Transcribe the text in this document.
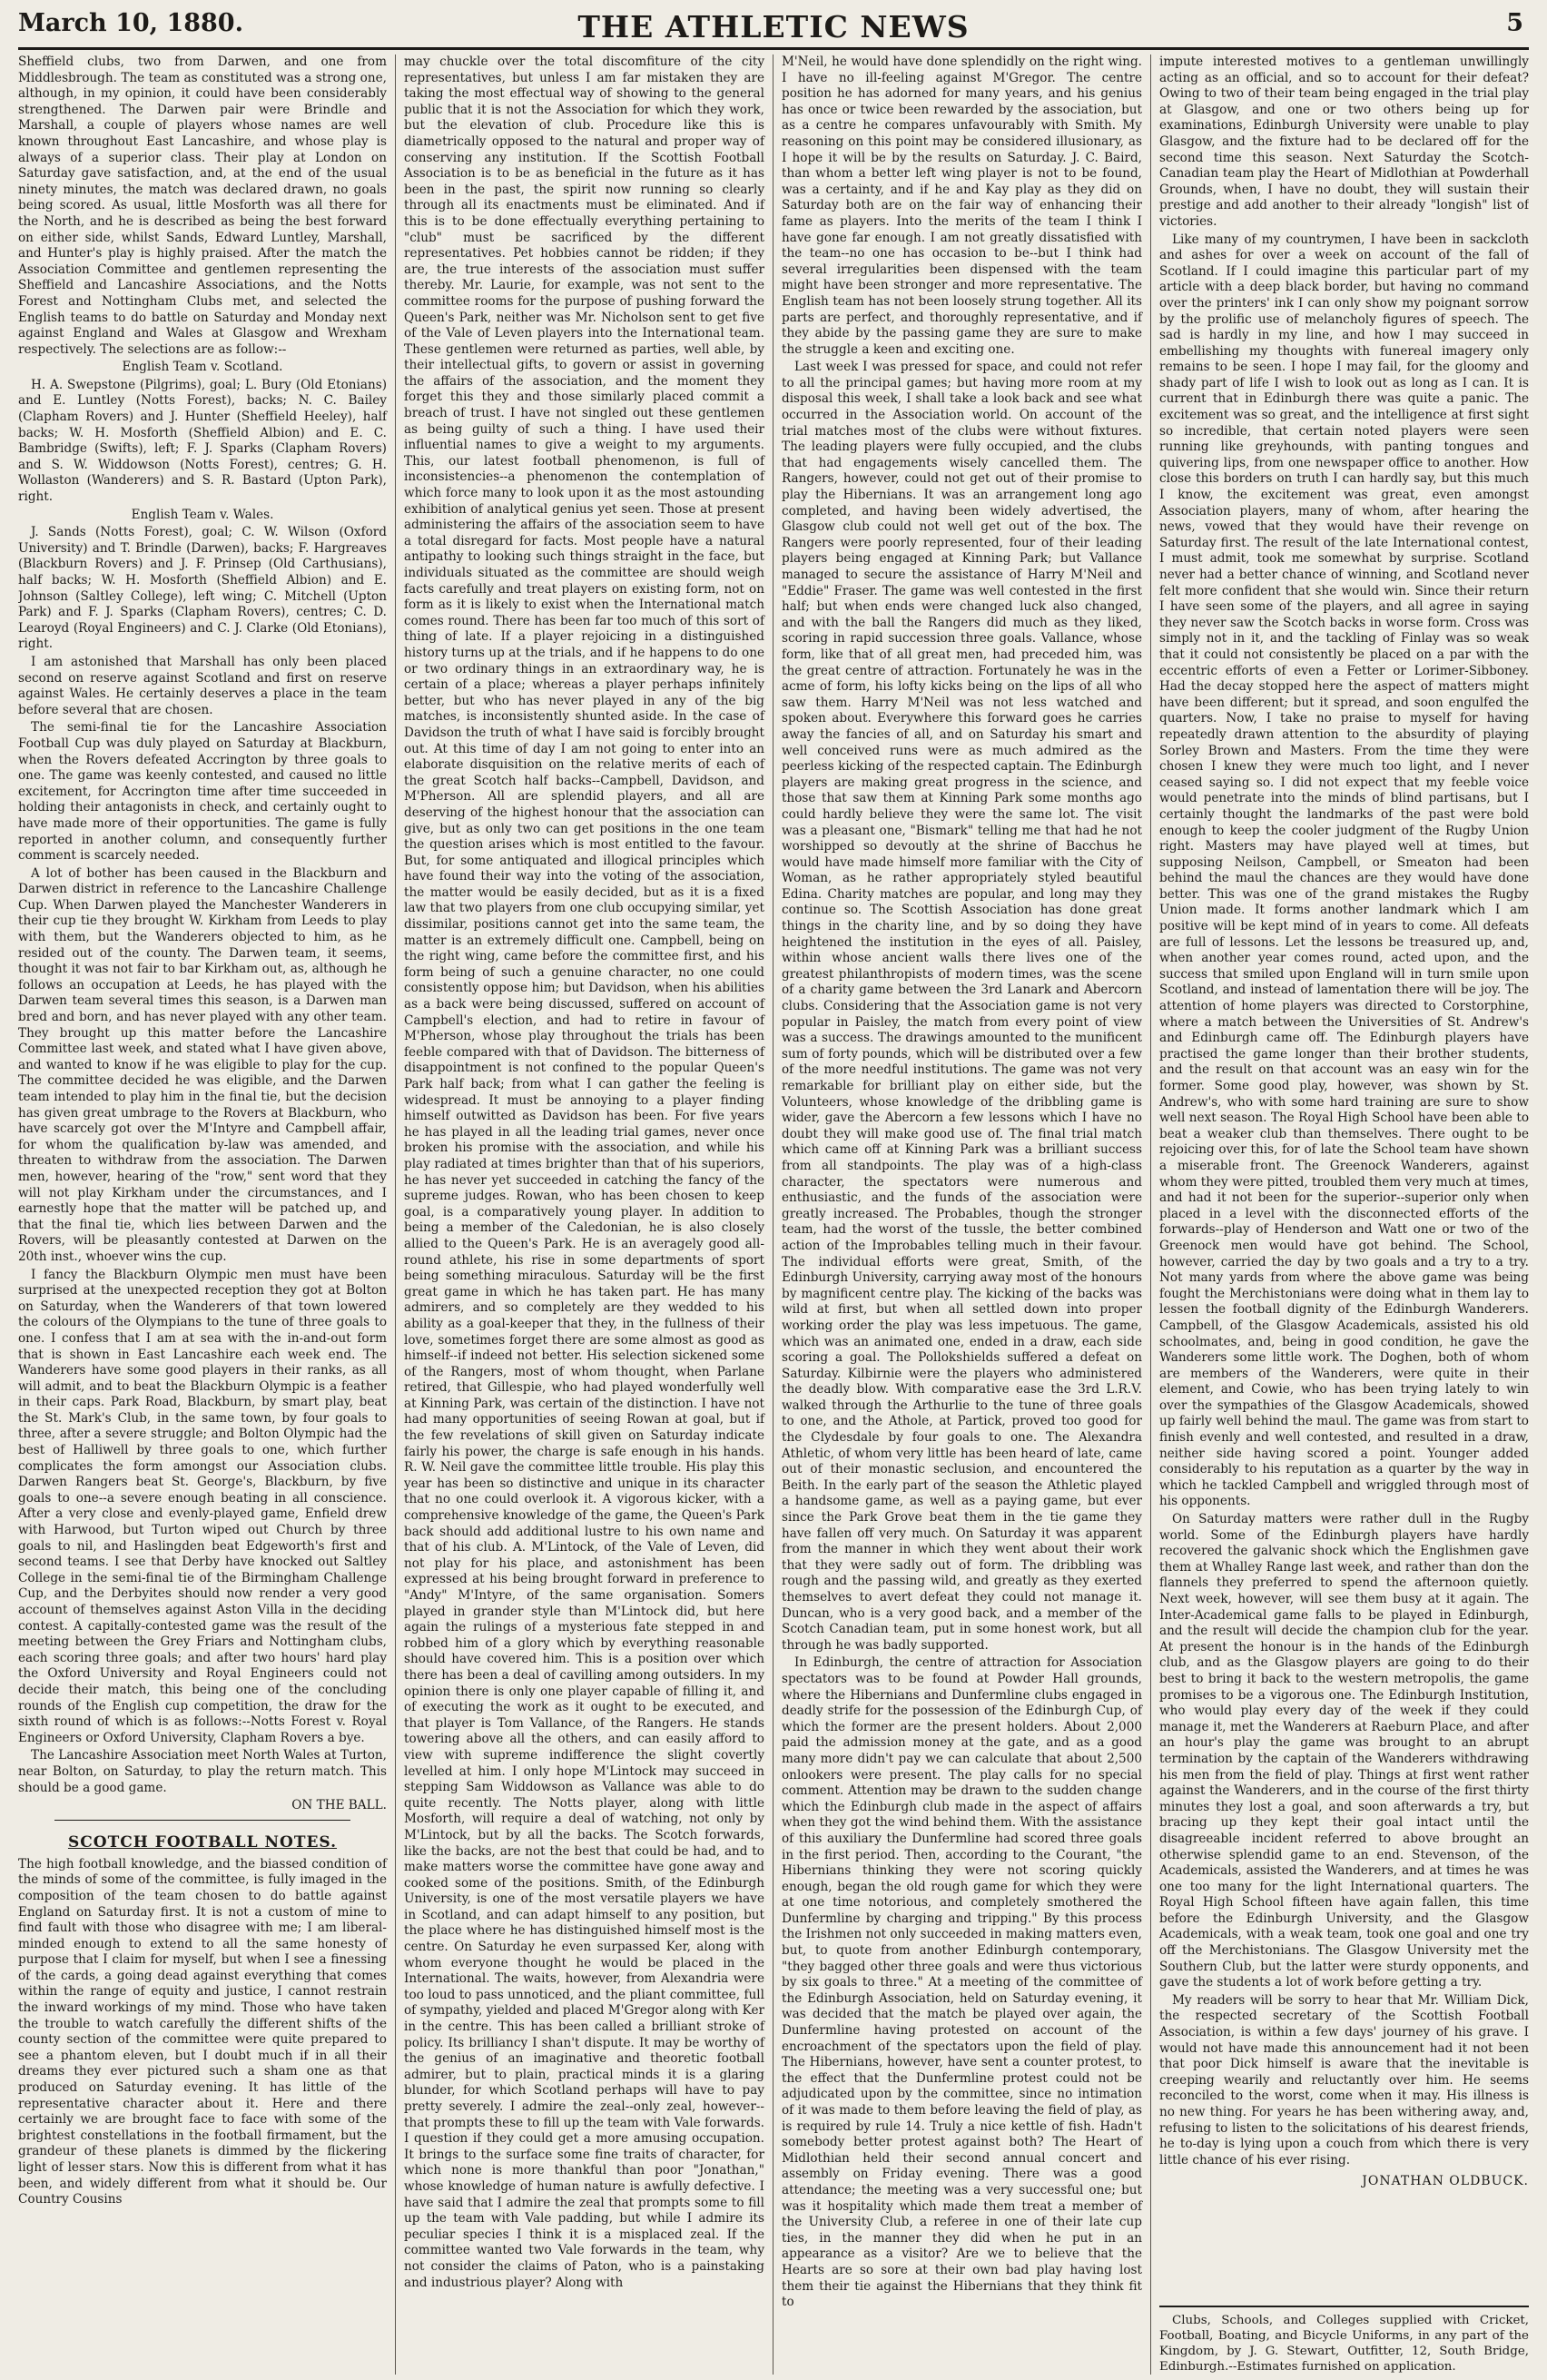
March 10, 1880.	THE ATHLETIC NEWS	5

Sheffield clubs, two from Darwen, and one from Middlesbrough. The team as constituted was a strong one, although, in my opinion, it could have been considerably strengthened. The Darwen pair were Brindle and Marshall, a couple of players whose names are well known throughout East Lancashire, and whose play is always of a superior class. Their play at London on Saturday gave satisfaction, and, at the end of the usual ninety minutes, the match was declared drawn, no goals being scored. As usual, little Mosforth was all there for the North, and he is described as being the best forward on either side, whilst Sands, Edward Luntley, Marshall, and Hunter's play is highly praised. After the match the Association Committee and gentlemen representing the Sheffield and Lancashire Associations, and the Notts Forest and Nottingham Clubs met, and selected the English teams to do battle on Saturday and Monday next against England and Wales at Glasgow and Wrexham respectively. The selections are as follow:--

English Team v. Scotland.

H. A. Swepstone (Pilgrims), goal; L. Bury (Old Etonians) and E. Luntley (Notts Forest), backs; N. C. Bailey (Clapham Rovers) and J. Hunter (Sheffield Heeley), half backs; W. H. Mosforth (Sheffield Albion) and E. C. Bambridge (Swifts), left; F. J. Sparks (Clapham Rovers) and S. W. Widdowson (Notts Forest), centres; G. H. Wollaston (Wanderers) and S. R. Bastard (Upton Park), right.

English Team v. Wales.

J. Sands (Notts Forest), goal; C. W. Wilson (Oxford University) and T. Brindle (Darwen), backs; F. Hargreaves (Blackburn Rovers) and J. F. Prinsep (Old Carthusians), half backs; W. H. Mosforth (Sheffield Albion) and E. Johnson (Saltley College), left wing; C. Mitchell (Upton Park) and F. J. Sparks (Clapham Rovers), centres; C. D. Learoyd (Royal Engineers) and C. J. Clarke (Old Etonians), right.

I am astonished that Marshall has only been placed second on reserve against Scotland and first on reserve against Wales. He certainly deserves a place in the team before several that are chosen.

The semi-final tie for the Lancashire Association Football Cup was duly played on Saturday at Blackburn, when the Rovers defeated Accrington by three goals to one. The game was keenly contested, and caused no little excitement, for Accrington time after time succeeded in holding their antagonists in check, and certainly ought to have made more of their opportunities. The game is fully reported in another column, and consequently further comment is scarcely needed.

A lot of bother has been caused in the Blackburn and Darwen district in reference to the Lancashire Challenge Cup. When Darwen played the Manchester Wanderers in their cup tie they brought W. Kirkham from Leeds to play with them, but the Wanderers objected to him, as he resided out of the county. The Darwen team, it seems, thought it was not fair to bar Kirkham out, as, although he follows an occupation at Leeds, he has played with the Darwen team several times this season, is a Darwen man bred and born, and has never played with any other team. They brought up this matter before the Lancashire Committee last week, and stated what I have given above, and wanted to know if he was eligible to play for the cup. The committee decided he was eligible, and the Darwen team intended to play him in the final tie, but the decision has given great umbrage to the Rovers at Blackburn, who have scarcely got over the M'Intyre and Campbell affair, for whom the qualification by-law was amended, and threaten to withdraw from the association. The Darwen men, however, hearing of the "row," sent word that they will not play Kirkham under the circumstances, and I earnestly hope that the matter will be patched up, and that the final tie, which lies between Darwen and the Rovers, will be pleasantly contested at Darwen on the 20th inst., whoever wins the cup.

I fancy the Blackburn Olympic men must have been surprised at the unexpected reception they got at Bolton on Saturday, when the Wanderers of that town lowered the colours of the Olympians to the tune of three goals to one. I confess that I am at sea with the in-and-out form that is shown in East Lancashire each week end. The Wanderers have some good players in their ranks, as all will admit, and to beat the Blackburn Olympic is a feather in their caps. Park Road, Blackburn, by smart play, beat the St. Mark's Club, in the same town, by four goals to three, after a severe struggle; and Bolton Olympic had the best of Halliwell by three goals to one, which further complicates the form amongst our Association clubs. Darwen Rangers beat St. George's, Blackburn, by five goals to one--a severe enough beating in all conscience. After a very close and evenly-played game, Enfield drew with Harwood, but Turton wiped out Church by three goals to nil, and Haslingden beat Edgeworth's first and second teams. I see that Derby have knocked out Saltley College in the semi-final tie of the Birmingham Challenge Cup, and the Derbyites should now render a very good account of themselves against Aston Villa in the deciding contest. A capitally-contested game was the result of the meeting between the Grey Friars and Nottingham clubs, each scoring three goals; and after two hours' hard play the Oxford University and Royal Engineers could not decide their match, this being one of the concluding rounds of the English cup competition, the draw for the sixth round of which is as follows:--Notts Forest v. Royal Engineers or Oxford University, Clapham Rovers a bye.

The Lancashire Association meet North Wales at Turton, near Bolton, on Saturday, to play the return match. This should be a good game.

ON THE BALL.

SCOTCH FOOTBALL NOTES.

The high football knowledge, and the biassed condition of the minds of some of the committee, is fully imaged in the composition of the team chosen to do battle against England on Saturday first. It is not a custom of mine to find fault with those who disagree with me; I am liberal-minded enough to extend to all the same honesty of purpose that I claim for myself, but when I see a finessing of the cards, a going dead against everything that comes within the range of equity and justice, I cannot restrain the inward workings of my mind. Those who have taken the trouble to watch carefully the different shifts of the county section of the committee were quite prepared to see a phantom eleven, but I doubt much if in all their dreams they ever pictured such a sham one as that produced on Saturday evening. It has little of the representative character about it. Here and there certainly we are brought face to face with some of the brightest constellations in the football firmament, but the grandeur of these planets is dimmed by the flickering light of lesser stars. Now this is different from what it has been, and widely different from what it should be. Our Country Cousins

may chuckle over the total discomfiture of the city representatives, but unless I am far mistaken they are taking the most effectual way of showing to the general public that it is not the Association for which they work, but the elevation of club. Procedure like this is diametrically opposed to the natural and proper way of conserving any institution. If the Scottish Football Association is to be as beneficial in the future as it has been in the past, the spirit now running so clearly through all its enactments must be eliminated. And if this is to be done effectually everything pertaining to "club" must be sacrificed by the different representatives. Pet hobbies cannot be ridden; if they are, the true interests of the association must suffer thereby. Mr. Laurie, for example, was not sent to the committee rooms for the purpose of pushing forward the Queen's Park, neither was Mr. Nicholson sent to get five of the Vale of Leven players into the International team. These gentlemen were returned as parties, well able, by their intellectual gifts, to govern or assist in governing the affairs of the association, and the moment they forget this they and those similarly placed commit a breach of trust. I have not singled out these gentlemen as being guilty of such a thing. I have used their influential names to give a weight to my arguments. This, our latest football phenomenon, is full of inconsistencies--a phenomenon the contemplation of which force many to look upon it as the most astounding exhibition of analytical genius yet seen. Those at present administering the affairs of the association seem to have a total disregard for facts. Most people have a natural antipathy to looking such things straight in the face, but individuals situated as the committee are should weigh facts carefully and treat players on existing form, not on form as it is likely to exist when the International match comes round. There has been far too much of this sort of thing of late. If a player rejoicing in a distinguished history turns up at the trials, and if he happens to do one or two ordinary things in an extraordinary way, he is certain of a place; whereas a player perhaps infinitely better, but who has never played in any of the big matches, is inconsistently shunted aside. In the case of Davidson the truth of what I have said is forcibly brought out. At this time of day I am not going to enter into an elaborate disquisition on the relative merits of each of the great Scotch half backs--Campbell, Davidson, and M'Pherson. All are splendid players, and all are deserving of the highest honour that the association can give, but as only two can get positions in the one team the question arises which is most entitled to the favour. But, for some antiquated and illogical principles which have found their way into the voting of the association, the matter would be easily decided, but as it is a fixed law that two players from one club occupying similar, yet dissimilar, positions cannot get into the same team, the matter is an extremely difficult one. Campbell, being on the right wing, came before the committee first, and his form being of such a genuine character, no one could consistently oppose him; but Davidson, when his abilities as a back were being discussed, suffered on account of Campbell's election, and had to retire in favour of M'Pherson, whose play throughout the trials has been feeble compared with that of Davidson. The bitterness of disappointment is not confined to the popular Queen's Park half back; from what I can gather the feeling is widespread. It must be annoying to a player finding himself outwitted as Davidson has been. For five years he has played in all the leading trial games, never once broken his promise with the association, and while his play radiated at times brighter than that of his superiors, he has never yet succeeded in catching the fancy of the supreme judges. Rowan, who has been chosen to keep goal, is a comparatively young player. In addition to being a member of the Caledonian, he is also closely allied to the Queen's Park. He is an averagely good all-round athlete, his rise in some departments of sport being something miraculous. Saturday will be the first great game in which he has taken part. He has many admirers, and so completely are they wedded to his ability as a goal-keeper that they, in the fullness of their love, sometimes forget there are some almost as good as himself--if indeed not better. His selection sickened some of the Rangers, most of whom thought, when Parlane retired, that Gillespie, who had played wonderfully well at Kinning Park, was certain of the distinction. I have not had many opportunities of seeing Rowan at goal, but if the few revelations of skill given on Saturday indicate fairly his power, the charge is safe enough in his hands. R. W. Neil gave the committee little trouble. His play this year has been so distinctive and unique in its character that no one could overlook it. A vigorous kicker, with a comprehensive knowledge of the game, the Queen's Park back should add additional lustre to his own name and that of his club. A. M'Lintock, of the Vale of Leven, did not play for his place, and astonishment has been expressed at his being brought forward in preference to "Andy" M'Intyre, of the same organisation. Somers played in grander style than M'Lintock did, but here again the rulings of a mysterious fate stepped in and robbed him of a glory which by everything reasonable should have covered him. This is a position over which there has been a deal of cavilling among outsiders. In my opinion there is only one player capable of filling it, and of executing the work as it ought to be executed, and that player is Tom Vallance, of the Rangers. He stands towering above all the others, and can easily afford to view with supreme indifference the slight covertly levelled at him. I only hope M'Lintock may succeed in stepping Sam Widdowson as Vallance was able to do quite recently. The Notts player, along with little Mosforth, will require a deal of watching, not only by M'Lintock, but by all the backs. The Scotch forwards, like the backs, are not the best that could be had, and to make matters worse the committee have gone away and cooked some of the positions. Smith, of the Edinburgh University, is one of the most versatile players we have in Scotland, and can adapt himself to any position, but the place where he has distinguished himself most is the centre. On Saturday he even surpassed Ker, along with whom everyone thought he would be placed in the International. The waits, however, from Alexandria were too loud to pass unnoticed, and the pliant committee, full of sympathy, yielded and placed M'Gregor along with Ker in the centre. This has been called a brilliant stroke of policy. Its brilliancy I shan't dispute. It may be worthy of the genius of an imaginative and theoretic football admirer, but to plain, practical minds it is a glaring blunder, for which Scotland perhaps will have to pay pretty severely. I admire the zeal--only zeal, however--that prompts these to fill up the team with Vale forwards. I question if they could get a more amusing occupation. It brings to the surface some fine traits of character, for which none is more thankful than poor "Jonathan," whose knowledge of human nature is awfully defective. I have said that I admire the zeal that prompts some to fill up the team with Vale padding, but while I admire its peculiar species I think it is a misplaced zeal. If the committee wanted two Vale forwards in the team, why not consider the claims of Paton, who is a painstaking and industrious player? Along with

M'Neil, he would have done splendidly on the right wing. I have no ill-feeling against M'Gregor. The centre position he has adorned for many years, and his genius has once or twice been rewarded by the association, but as a centre he compares unfavourably with Smith. My reasoning on this point may be considered illusionary, as I hope it will be by the results on Saturday. J. C. Baird, than whom a better left wing player is not to be found, was a certainty, and if he and Kay play as they did on Saturday both are on the fair way of enhancing their fame as players. Into the merits of the team I think I have gone far enough. I am not greatly dissatisfied with the team--no one has occasion to be--but I think had several irregularities been dispensed with the team might have been stronger and more representative. The English team has not been loosely strung together. All its parts are perfect, and thoroughly representative, and if they abide by the passing game they are sure to make the struggle a keen and exciting one.

Last week I was pressed for space, and could not refer to all the principal games; but having more room at my disposal this week, I shall take a look back and see what occurred in the Association world. On account of the trial matches most of the clubs were without fixtures. The leading players were fully occupied, and the clubs that had engagements wisely cancelled them. The Rangers, however, could not get out of their promise to play the Hibernians. It was an arrangement long ago completed, and having been widely advertised, the Glasgow club could not well get out of the box. The Rangers were poorly represented, four of their leading players being engaged at Kinning Park; but Vallance managed to secure the assistance of Harry M'Neil and "Eddie" Fraser. The game was well contested in the first half; but when ends were changed luck also changed, and with the ball the Rangers did much as they liked, scoring in rapid succession three goals. Vallance, whose form, like that of all great men, had preceded him, was the great centre of attraction. Fortunately he was in the acme of form, his lofty kicks being on the lips of all who saw them. Harry M'Neil was not less watched and spoken about. Everywhere this forward goes he carries away the fancies of all, and on Saturday his smart and well conceived runs were as much admired as the peerless kicking of the respected captain. The Edinburgh players are making great progress in the science, and those that saw them at Kinning Park some months ago could hardly believe they were the same lot. The visit was a pleasant one, "Bismark" telling me that had he not worshipped so devoutly at the shrine of Bacchus he would have made himself more familiar with the City of Woman, as he rather appropriately styled beautiful Edina. Charity matches are popular, and long may they continue so. The Scottish Association has done great things in the charity line, and by so doing they have heightened the institution in the eyes of all. Paisley, within whose ancient walls there lives one of the greatest philanthropists of modern times, was the scene of a charity game between the 3rd Lanark and Abercorn clubs. Considering that the Association game is not very popular in Paisley, the match from every point of view was a success. The drawings amounted to the munificent sum of forty pounds, which will be distributed over a few of the more needful institutions. The game was not very remarkable for brilliant play on either side, but the Volunteers, whose knowledge of the dribbling game is wider, gave the Abercorn a few lessons which I have no doubt they will make good use of. The final trial match which came off at Kinning Park was a brilliant success from all standpoints. The play was of a high-class character, the spectators were numerous and enthusiastic, and the funds of the association were greatly increased. The Probables, though the stronger team, had the worst of the tussle, the better combined action of the Improbables telling much in their favour. The individual efforts were great, Smith, of the Edinburgh University, carrying away most of the honours by magnificent centre play. The kicking of the backs was wild at first, but when all settled down into proper working order the play was less impetuous. The game, which was an animated one, ended in a draw, each side scoring a goal. The Pollokshields suffered a defeat on Saturday. Kilbirnie were the players who administered the deadly blow. With comparative ease the 3rd L.R.V. walked through the Arthurlie to the tune of three goals to one, and the Athole, at Partick, proved too good for the Clydesdale by four goals to one. The Alexandra Athletic, of whom very little has been heard of late, came out of their monastic seclusion, and encountered the Beith. In the early part of the season the Athletic played a handsome game, as well as a paying game, but ever since the Park Grove beat them in the tie game they have fallen off very much. On Saturday it was apparent from the manner in which they went about their work that they were sadly out of form. The dribbling was rough and the passing wild, and greatly as they exerted themselves to avert defeat they could not manage it. Duncan, who is a very good back, and a member of the Scotch Canadian team, put in some honest work, but all through he was badly supported.

In Edinburgh, the centre of attraction for Association spectators was to be found at Powder Hall grounds, where the Hibernians and Dunfermline clubs engaged in deadly strife for the possession of the Edinburgh Cup, of which the former are the present holders. About 2,000 paid the admission money at the gate, and as a good many more didn't pay we can calculate that about 2,500 onlookers were present. The play calls for no special comment. Attention may be drawn to the sudden change which the Edinburgh club made in the aspect of affairs when they got the wind behind them. With the assistance of this auxiliary the Dunfermline had scored three goals in the first period. Then, according to the Courant, "the Hibernians thinking they were not scoring quickly enough, began the old rough game for which they were at one time notorious, and completely smothered the Dunfermline by charging and tripping." By this process the Irishmen not only succeeded in making matters even, but, to quote from another Edinburgh contemporary, "they bagged other three goals and were thus victorious by six goals to three." At a meeting of the committee of the Edinburgh Association, held on Saturday evening, it was decided that the match be played over again, the Dunfermline having protested on account of the encroachment of the spectators upon the field of play. The Hibernians, however, have sent a counter protest, to the effect that the Dunfermline protest could not be adjudicated upon by the committee, since no intimation of it was made to them before leaving the field of play, as is required by rule 14. Truly a nice kettle of fish. Hadn't somebody better protest against both? The Heart of Midlothian held their second annual concert and assembly on Friday evening. There was a good attendance; the meeting was a very successful one; but was it hospitality which made them treat a member of the University Club, a referee in one of their late cup ties, in the manner they did when he put in an appearance as a visitor? Are we to believe that the Hearts are so sore at their own bad play having lost them their tie against the Hibernians that they think fit to

impute interested motives to a gentleman unwillingly acting as an official, and so to account for their defeat? Owing to two of their team being engaged in the trial play at Glasgow, and one or two others being up for examinations, Edinburgh University were unable to play Glasgow, and the fixture had to be declared off for the second time this season. Next Saturday the Scotch-Canadian team play the Heart of Midlothian at Powderhall Grounds, when, I have no doubt, they will sustain their prestige and add another to their already "longish" list of victories.

Like many of my countrymen, I have been in sackcloth and ashes for over a week on account of the fall of Scotland. If I could imagine this particular part of my article with a deep black border, but having no command over the printers' ink I can only show my poignant sorrow by the prolific use of melancholy figures of speech. The sad is hardly in my line, and how I may succeed in embellishing my thoughts with funereal imagery only remains to be seen. I hope I may fail, for the gloomy and shady part of life I wish to look out as long as I can. It is current that in Edinburgh there was quite a panic. The excitement was so great, and the intelligence at first sight so incredible, that certain noted players were seen running like greyhounds, with panting tongues and quivering lips, from one newspaper office to another. How close this borders on truth I can hardly say, but this much I know, the excitement was great, even amongst Association players, many of whom, after hearing the news, vowed that they would have their revenge on Saturday first. The result of the late International contest, I must admit, took me somewhat by surprise. Scotland never had a better chance of winning, and Scotland never felt more confident that she would win. Since their return I have seen some of the players, and all agree in saying they never saw the Scotch backs in worse form. Cross was simply not in it, and the tackling of Finlay was so weak that it could not consistently be placed on a par with the eccentric efforts of even a Fetter or Lorimer-Sibboney. Had the decay stopped here the aspect of matters might have been different; but it spread, and soon engulfed the quarters. Now, I take no praise to myself for having repeatedly drawn attention to the absurdity of playing Sorley Brown and Masters. From the time they were chosen I knew they were much too light, and I never ceased saying so. I did not expect that my feeble voice would penetrate into the minds of blind partisans, but I certainly thought the landmarks of the past were bold enough to keep the cooler judgment of the Rugby Union right. Masters may have played well at times, but supposing Neilson, Campbell, or Smeaton had been behind the maul the chances are they would have done better. This was one of the grand mistakes the Rugby Union made. It forms another landmark which I am positive will be kept mind of in years to come. All defeats are full of lessons. Let the lessons be treasured up, and, when another year comes round, acted upon, and the success that smiled upon England will in turn smile upon Scotland, and instead of lamentation there will be joy. The attention of home players was directed to Corstorphine, where a match between the Universities of St. Andrew's and Edinburgh came off. The Edinburgh players have practised the game longer than their brother students, and the result on that account was an easy win for the former. Some good play, however, was shown by St. Andrew's, who with some hard training are sure to show well next season. The Royal High School have been able to beat a weaker club than themselves. There ought to be rejoicing over this, for of late the School team have shown a miserable front. The Greenock Wanderers, against whom they were pitted, troubled them very much at times, and had it not been for the superior--superior only when placed in a level with the disconnected efforts of the forwards--play of Henderson and Watt one or two of the Greenock men would have got behind. The School, however, carried the day by two goals and a try to a try. Not many yards from where the above game was being fought the Merchistonians were doing what in them lay to lessen the football dignity of the Edinburgh Wanderers. Campbell, of the Glasgow Academicals, assisted his old schoolmates, and, being in good condition, he gave the Wanderers some little work. The Doghen, both of whom are members of the Wanderers, were quite in their element, and Cowie, who has been trying lately to win over the sympathies of the Glasgow Academicals, showed up fairly well behind the maul. The game was from start to finish evenly and well contested, and resulted in a draw, neither side having scored a point. Younger added considerably to his reputation as a quarter by the way in which he tackled Campbell and wriggled through most of his opponents.

On Saturday matters were rather dull in the Rugby world. Some of the Edinburgh players have hardly recovered the galvanic shock which the Englishmen gave them at Whalley Range last week, and rather than don the flannels they preferred to spend the afternoon quietly. Next week, however, will see them busy at it again. The Inter-Academical game falls to be played in Edinburgh, and the result will decide the champion club for the year. At present the honour is in the hands of the Edinburgh club, and as the Glasgow players are going to do their best to bring it back to the western metropolis, the game promises to be a vigorous one. The Edinburgh Institution, who would play every day of the week if they could manage it, met the Wanderers at Raeburn Place, and after an hour's play the game was brought to an abrupt termination by the captain of the Wanderers withdrawing his men from the field of play. Things at first went rather against the Wanderers, and in the course of the first thirty minutes they lost a goal, and soon afterwards a try, but bracing up they kept their goal intact until the disagreeable incident referred to above brought an otherwise splendid game to an end. Stevenson, of the Academicals, assisted the Wanderers, and at times he was one too many for the light International quarters. The Royal High School fifteen have again fallen, this time before the Edinburgh University, and the Glasgow Academicals, with a weak team, took one goal and one try off the Merchistonians. The Glasgow University met the Southern Club, but the latter were sturdy opponents, and gave the students a lot of work before getting a try.

My readers will be sorry to hear that Mr. William Dick, the respected secretary of the Scottish Football Association, is within a few days' journey of his grave. I would not have made this announcement had it not been that poor Dick himself is aware that the inevitable is creeping wearily and reluctantly over him. He seems reconciled to the worst, come when it may. His illness is no new thing. For years he has been withering away, and, refusing to listen to the solicitations of his dearest friends, he to-day is lying upon a couch from which there is very little chance of his ever rising.

JONATHAN OLDBUCK.

Clubs, Schools, and Colleges supplied with Cricket, Football, Boating, and Bicycle Uniforms, in any part of the Kingdom, by J. G. Stewart, Outfitter, 12, South Bridge, Edinburgh.--Estimates furnished on application.
